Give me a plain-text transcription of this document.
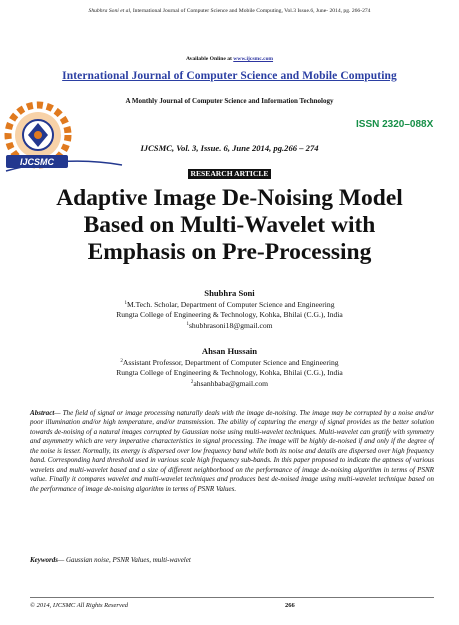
Shubhra Soni et al, International Journal of Computer Science and Mobile Computing, Vol.3 Issue.6, June- 2014, pg. 266-274
Available Online at www.ijcsmc.com
IJCSMC
International Journal of Computer Science and Mobile Computing
A Monthly Journal of Computer Science and Information Technology
ISSN 2320–088X
IJCSMC, Vol. 3, Issue. 6, June 2014, pg.266 – 274
RESEARCH ARTICLE
Adaptive Image De-Noising Model
Based on Multi-Wavelet with
Emphasis on Pre-Processing
Shubhra Soni
$^1$M.Tech. Scholar, Department of Computer Science and Engineering
Rungta College of Engineering & Technology, Kohka, Bhilai (C.G.), India
$^1$shubhrasoni18@gmail.com
Ahsan Hussain
$^2$Assistant Professor, Department of Computer Science and Engineering
Rungta College of Engineering & Technology, Kohka, Bhilai (C.G.), India
$^2$ahsanhbaba@gmail.com
Abstract— The field of signal or image processing naturally deals with the image de-noising. The image may be corrupted by a noise and/or poor illumination and/or high temperature, and/or transmission. The ability of capturing the energy of signal provides us the better solution towards de-noising of a natural images corrupted by Gaussian noise using multi-wavelet techniques. Multi-wavelet can gratify with symmetry and asymmetry which are very imperative characteristics in signal processing. The image will be highly de-noised if and only if the degree of the noise is lesser. Normally, its energy is dispersed over low frequency band while both its noise and details are dispersed over high frequency band. Corresponding hard threshold used in various scale high frequency sub-bands. In this paper proposed to indicate the aptness of various wavelets and multi-wavelet based and a size of different neighborhood on the performance of image de-noising algorithm in terms of PSNR value. Finally it compares wavelet and multi-wavelet techniques and produces best de-noised image using multi-wavelet technique based on the performance of image de-noising algorithm in terms of PSNR Values.
Keywords— Gaussian noise, PSNR Values, multi-wavelet
© 2014, IJCSMC All Rights Reserved	266
